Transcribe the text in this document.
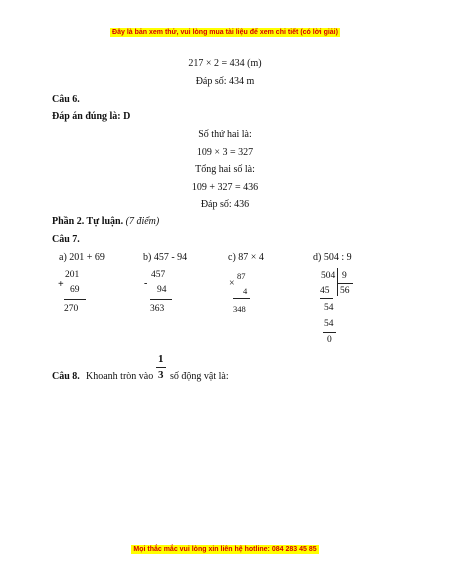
Đây là bản xem thử, vui lòng mua tài liệu để xem chi tiết (có lời giải)
217 × 2 = 434 (m)
Đáp số: 434 m
Câu 6.
Đáp án đúng là: D
Số thứ hai là:
109 × 3 = 327
Tổng hai số là:
109 + 327 = 436
Đáp số: 436
Phần 2. Tự luận. (7 điểm)
Câu 7.
a) 201 + 69
201
+ 69
270
b) 457 - 94
457
-
94
363
c) 87 × 4
87
×
4
348
d) 504 : 9
504 9
56
45
54
54
0
Câu 8. Khoanh tròn vào
1
3 số động vật là:
Mọi thắc mắc vui lòng xin liên hệ hotline: 084 283 45 85
